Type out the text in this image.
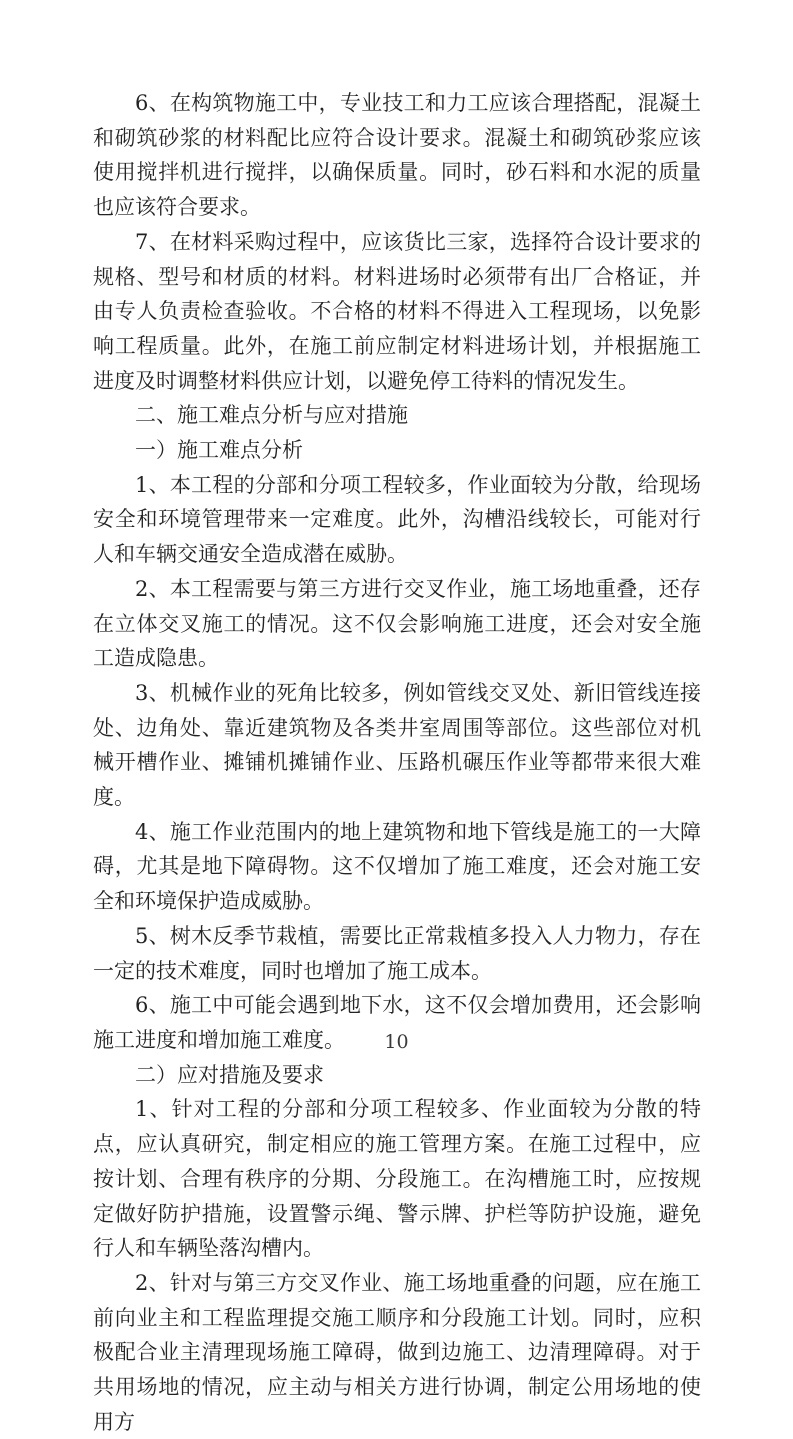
6、在构筑物施工中，专业技工和力工应该合理搭配，混凝土和砌筑砂浆的材料配比应符合设计要求。混凝土和砌筑砂浆应该使用搅拌机进行搅拌，以确保质量。同时，砂石料和水泥的质量也应该符合要求。

7、在材料采购过程中，应该货比三家，选择符合设计要求的规格、型号和材质的材料。材料进场时必须带有出厂合格证，并由专人负责检查验收。不合格的材料不得进入工程现场，以免影响工程质量。此外，在施工前应制定材料进场计划，并根据施工进度及时调整材料供应计划，以避免停工待料的情况发生。

二、施工难点分析与应对措施

一）施工难点分析

1、本工程的分部和分项工程较多，作业面较为分散，给现场安全和环境管理带来一定难度。此外，沟槽沿线较长，可能对行人和车辆交通安全造成潜在威胁。

2、本工程需要与第三方进行交叉作业，施工场地重叠，还存在立体交叉施工的情况。这不仅会影响施工进度，还会对安全施工造成隐患。

3、机械作业的死角比较多，例如管线交叉处、新旧管线连接处、边角处、靠近建筑物及各类井室周围等部位。这些部位对机械开槽作业、摊铺机摊铺作业、压路机碾压作业等都带来很大难度。

4、施工作业范围内的地上建筑物和地下管线是施工的一大障碍，尤其是地下障碍物。这不仅增加了施工难度，还会对施工安全和环境保护造成威胁。

5、树木反季节栽植，需要比正常栽植多投入人力物力，存在一定的技术难度，同时也增加了施工成本。

6、施工中可能会遇到地下水，这不仅会增加费用，还会影响施工进度和增加施工难度。

二）应对措施及要求

1、针对工程的分部和分项工程较多、作业面较为分散的特点，应认真研究，制定相应的施工管理方案。在施工过程中，应按计划、合理有秩序的分期、分段施工。在沟槽施工时，应按规定做好防护措施，设置警示绳、警示牌、护栏等防护设施，避免行人和车辆坠落沟槽内。

2、针对与第三方交叉作业、施工场地重叠的问题，应在施工前向业主和工程监理提交施工顺序和分段施工计划。同时，应积极配合业主清理现场施工障碍，做到边施工、边清理障碍。对于共用场地的情况，应主动与相关方进行协调，制定公用场地的使用方

10
